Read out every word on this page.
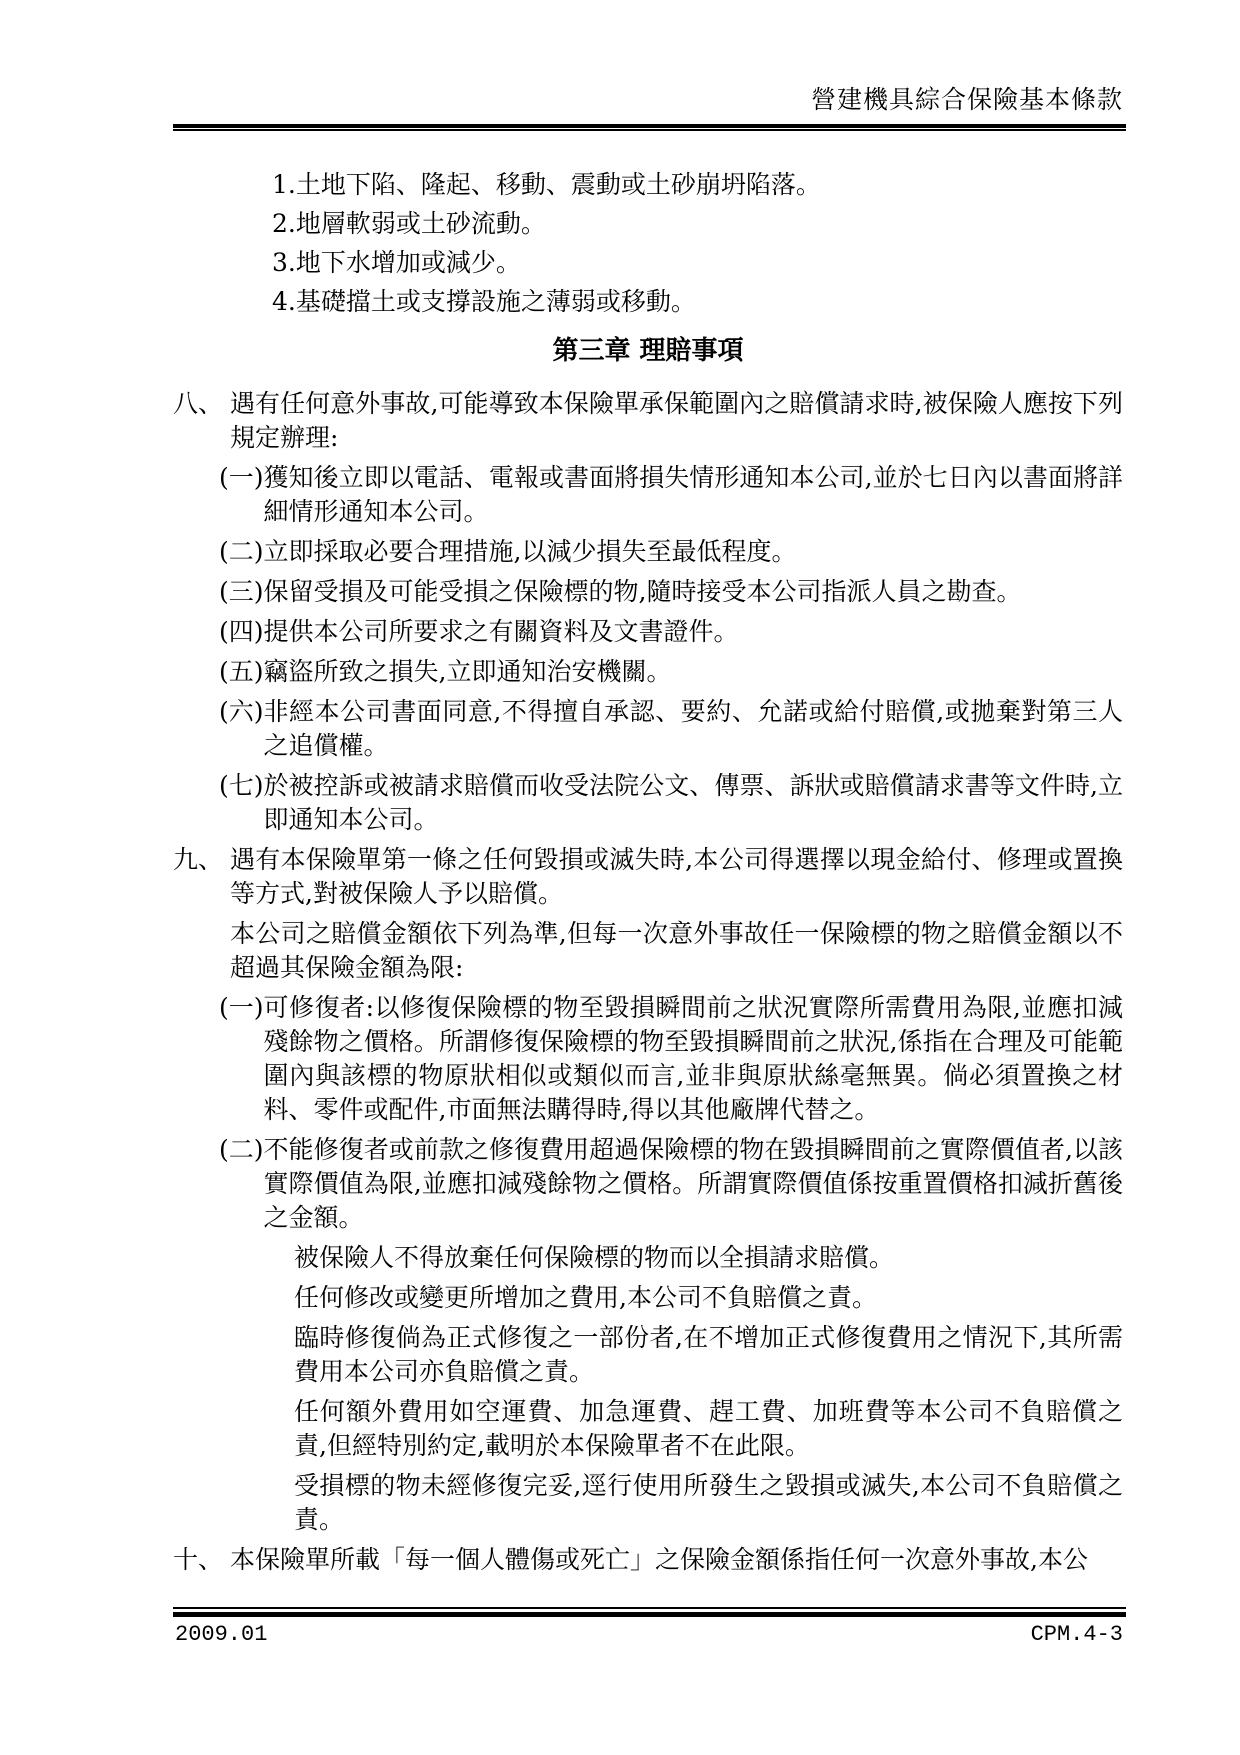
營建機具綜合保險基本條款
1. 土地下陷、隆起、移動、震動或土砂崩坍陷落。
2. 地層軟弱或土砂流動。
3. 地下水增加或減少。
4. 基礎擋土或支撐設施之薄弱或移動。
第三章 理賠事項
八、 遇有任何意外事故,可能導致本保險單承保範圍內之賠償請求時,被保險人應按下列規定辦理:
(一) 獲知後立即以電話、電報或書面將損失情形通知本公司,並於七日內以書面將詳細情形通知本公司。
(二) 立即採取必要合理措施,以減少損失至最低程度。
(三) 保留受損及可能受損之保險標的物,隨時接受本公司指派人員之勘查。
(四) 提供本公司所要求之有關資料及文書證件。
(五) 竊盜所致之損失,立即通知治安機關。
(六) 非經本公司書面同意,不得擅自承認、要約、允諾或給付賠償,或拋棄對第三人之追償權。
(七) 於被控訴或被請求賠償而收受法院公文、傳票、訴狀或賠償請求書等文件時,立即通知本公司。
九、 遇有本保險單第一條之任何毀損或滅失時,本公司得選擇以現金給付、修理或置換等方式,對被保險人予以賠償。
本公司之賠償金額依下列為準,但每一次意外事故任一保險標的物之賠償金額以不超過其保險金額為限:
(一) 可修復者:以修復保險標的物至毀損瞬間前之狀況實際所需費用為限,並應扣減殘餘物之價格。所謂修復保險標的物至毀損瞬間前之狀況,係指在合理及可能範圍內與該標的物原狀相似或類似而言,並非與原狀絲毫無異。倘必須置換之材料、零件或配件,市面無法購得時,得以其他廠牌代替之。
(二) 不能修復者或前款之修復費用超過保險標的物在毀損瞬間前之實際價值者,以該實際價值為限,並應扣減殘餘物之價格。所謂實際價值係按重置價格扣減折舊後之金額。
被保險人不得放棄任何保險標的物而以全損請求賠償。
任何修改或變更所增加之費用,本公司不負賠償之責。
臨時修復倘為正式修復之一部份者,在不增加正式修復費用之情況下,其所需費用本公司亦負賠償之責。
任何額外費用如空運費、加急運費、趕工費、加班費等本公司不負賠償之責,但經特別約定,載明於本保險單者不在此限。
受損標的物未經修復完妥,逕行使用所發生之毀損或滅失,本公司不負賠償之責。
十、 本保險單所載「每一個人體傷或死亡」之保險金額係指任何一次意外事故,本公
2009.01	CPM.4-3
